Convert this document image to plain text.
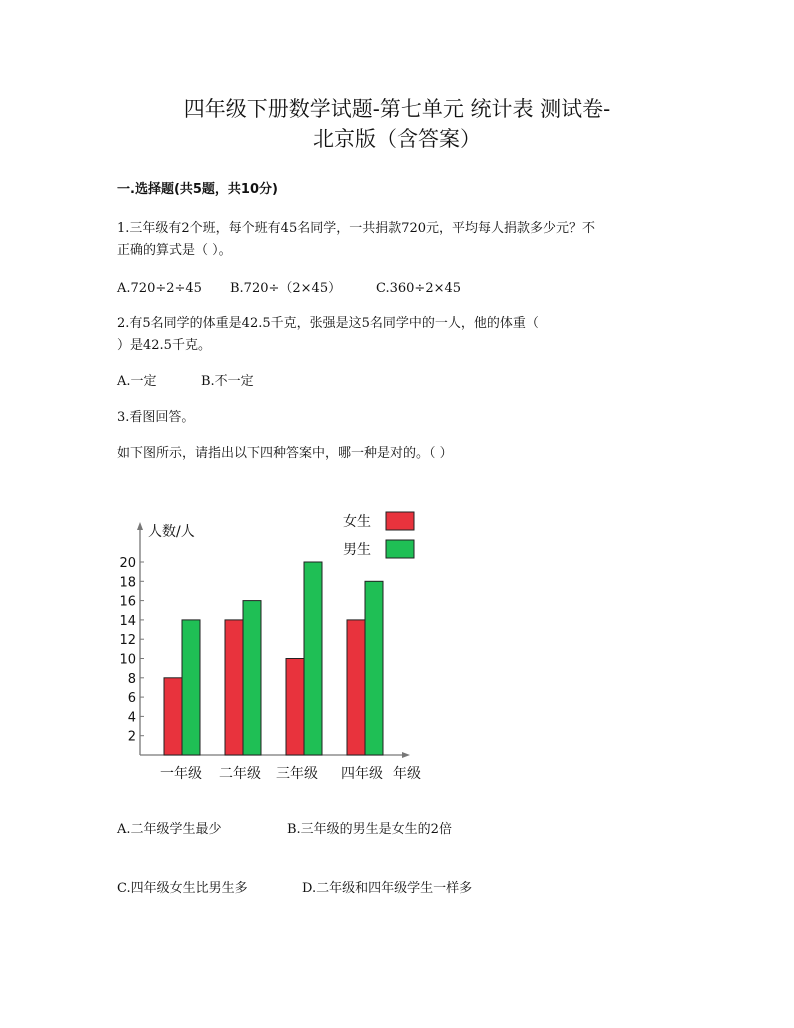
四年级下册数学试题-第七单元 统计表 测试卷-
北京版（含答案）
一.选择题(共5题，共10分)
1.三年级有2个班，每个班有45名同学，一共捐款720元，平均每人捐款多少元？不
正确的算式是（ ）。
A.720÷2÷45 B.720÷（2×45）	C.360÷2×45
2.有5名同学的体重是42.5千克，张强是这5名同学中的一人，他的体重（
）是42.5千克。
A.一定	B.不一定
3.看图回答。
如下图所示，请指出以下四种答案中，哪一种是对的。（ ）
2
4
6
8
10
12
14
16
18
20
人数/人
年级
一年级 二年级 三年级 四年级
女生
男生
A.二年级学生最少	B.三年级的男生是女生的2倍
C.四年级女生比男生多	D.二年级和四年级学生一样多
